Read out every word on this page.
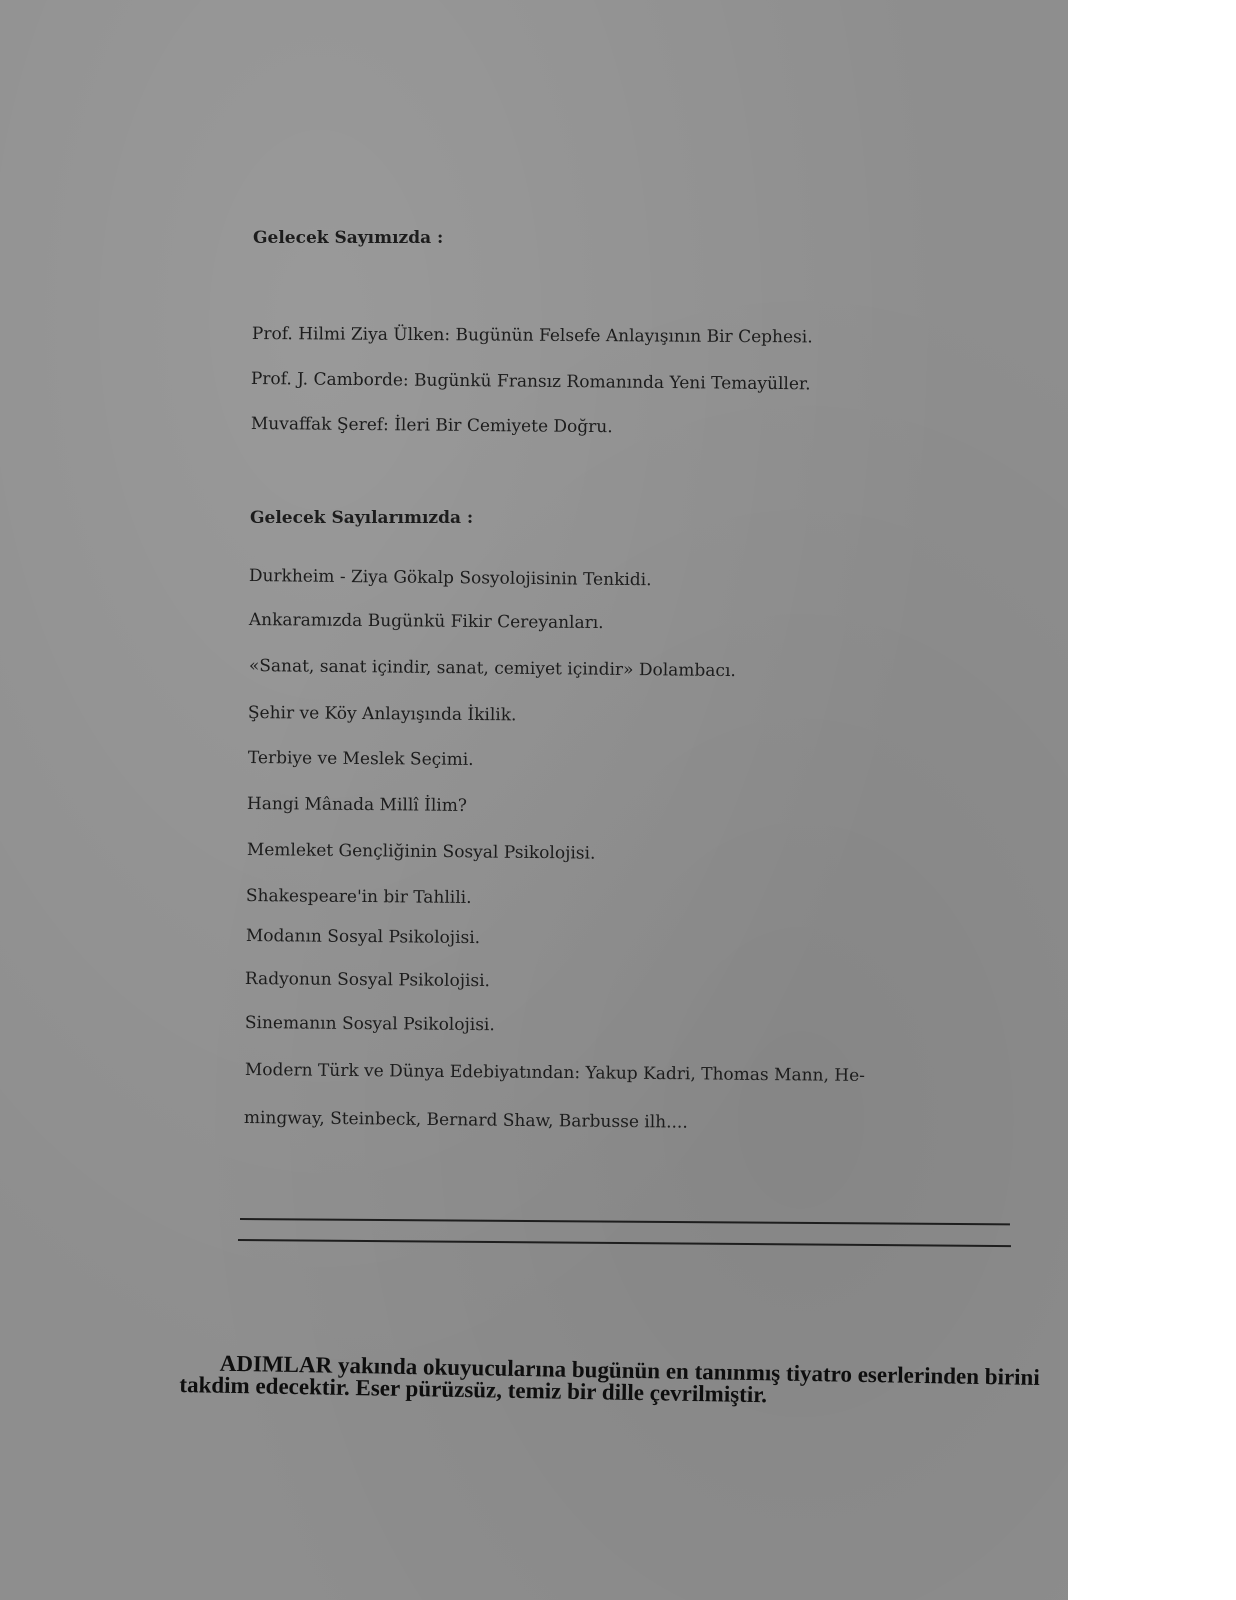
Gelecek Sayımızda :
Prof. Hilmi Ziya Ülken: Bugünün Felsefe Anlayışının Bir Cephesi.
Prof. J. Camborde: Bugünkü Fransız Romanında Yeni Temayüller.
Muvaffak Şeref: İleri Bir Cemiyete Doğru.
Gelecek Sayılarımızda :
Durkheim - Ziya Gökalp Sosyolojisinin Tenkidi.
Ankaramızda Bugünkü Fikir Cereyanları.
«Sanat, sanat içindir, sanat, cemiyet içindir» Dolambacı.
Şehir ve Köy Anlayışında İkilik.
Terbiye ve Meslek Seçimi.
Hangi Mânada Millî İlim?
Memleket Gençliğinin Sosyal Psikolojisi.
Shakespeare'in bir Tahlili.
Modanın Sosyal Psikolojisi.
Radyonun Sosyal Psikolojisi.
Sinemanın Sosyal Psikolojisi.
Modern Türk ve Dünya Edebiyatından: Yakup Kadri, Thomas Mann, He-
mingway, Steinbeck, Bernard Shaw, Barbusse ilh....
ADIMLAR yakında okuyucularına bugünün en tanınmış tiyatro eserlerinden birini takdim edecektir. Eser pürüzsüz, temiz bir dille çevrilmiştir.
